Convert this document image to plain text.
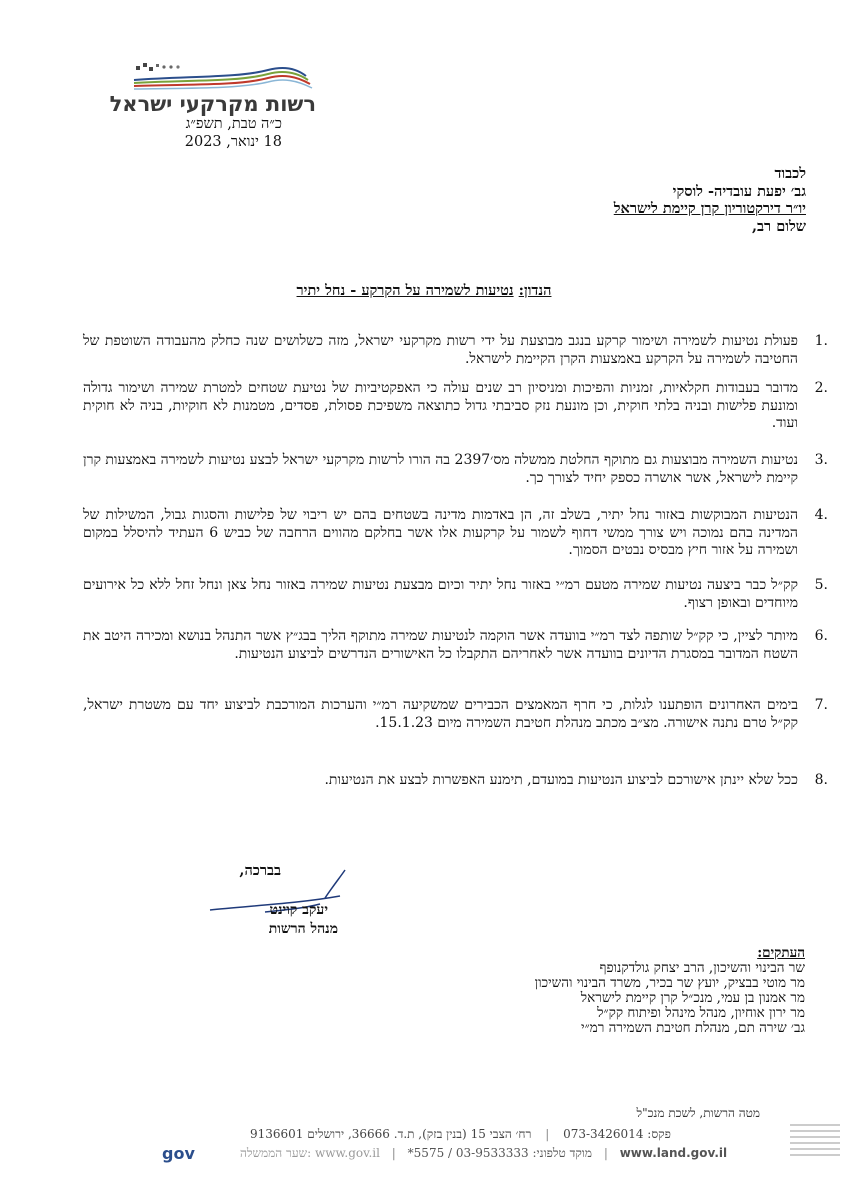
רשות מקרקעי ישראל
כ״ה טבת, תשפ״ג
18 ינואר, 2023
לכבוד
גב׳ יפעת עובדיה- לוסקי
יו״ר דירקטוריון קרן קיימת לישראל
שלום רב,
הנדון: נטיעות לשמירה על הקרקע - נחל יתיר
.1
פעולת נטיעות לשמירה ושימור קרקע בנגב מבוצעת על ידי רשות מקרקעי ישראל, מזה כשלושים שנה כחלק מהעבודה השוטפת של החטיבה לשמירה על הקרקע באמצעות הקרן הקיימת לישראל.
.2
מדובר בעבודות חקלאיות, זמניות והפיכות ומניסיון רב שנים עולה כי האפקטיביות של נטיעת שטחים למטרת שמירה ושימור גדולה ומונעת פלישות ובניה בלתי חוקית, וכן מונעת נזק סביבתי גדול כתוצאה משפיכת פסולת, פסדים, מטמנות לא חוקיות, בניה לא חוקית ועוד.
.3
נטיעות השמירה מבוצעות גם מתוקף החלטת ממשלה מס׳2397 בה הורו לרשות מקרקעי ישראל לבצע נטיעות לשמירה באמצעות קרן קיימת לישראל, אשר אושרה כספק יחיד לצורך כך.
.4
הנטיעות המבוקשות באזור נחל יתיר, בשלב זה, הן באדמות מדינה בשטחים בהם יש ריבוי של פלישות והסגות גבול, המשילות של המדינה בהם נמוכה ויש צורך ממשי דחוף לשמור על קרקעות אלו אשר בחלקם מהווים הרחבה של כביש 6 העתיד להיסלל במקום ושמירה על אזור חיץ מבסיס נבטים הסמוך.
.5
קק״ל כבר ביצעה נטיעות שמירה מטעם רמ״י באזור נחל יתיר וכיום מבצעת נטיעות שמירה באזור נחל צאן ונחל זחל ללא כל אירועים מיוחדים ובאופן רצוף.
.6
מיותר לציין, כי קק״ל שותפה לצד רמ״י בוועדה אשר הוקמה לנטיעות שמירה מתוקף הליך בבג״ץ אשר התנהל בנושא ומכירה היטב את השטח המדובר במסגרת הדיונים בוועדה אשר לאחריהם התקבלו כל האישורים הנדרשים לביצוע הנטיעות.
.7
בימים האחרונים הופתענו לגלות, כי חרף המאמצים הכבירים שמשקיעה רמ״י והערכות המורכבת לביצוע יחד עם משטרת ישראל, קק״ל טרם נתנה אישורה. מצ״ב מכתב מנהלת חטיבת השמירה מיום 15.1.23.
.8
ככל שלא יינתן אישורכם לביצוע הנטיעות במועדם, תימנע האפשרות לבצע את הנטיעות.
בברכה,
יעקב קוינט
מנהל הרשות
העתקים:
שר הבינוי והשיכון, הרב יצחק גולדקנופף
מר מוטי בבציק, יועץ שר בכיר, משרד הבינוי והשיכון
מר אמנון בן עמי, מנכ״ל קרן קיימת לישראל
מר ירון אוחיון, מנהל מינהל ופיתוח קק״ל
גב׳ שירה תם, מנהלת חטיבת השמירה רמ״י
מטה הרשות, לשכת מנכ"ל
פקס: 073-3426014 | רח׳ הצבי 15 (בנין בזק), ת.ד. 36666, ירושלים 9136601
שער הממשלה: www.gov.il | מוקד טלפוני: 03-9533333 / 5575* | www.land.gov.il
gov
